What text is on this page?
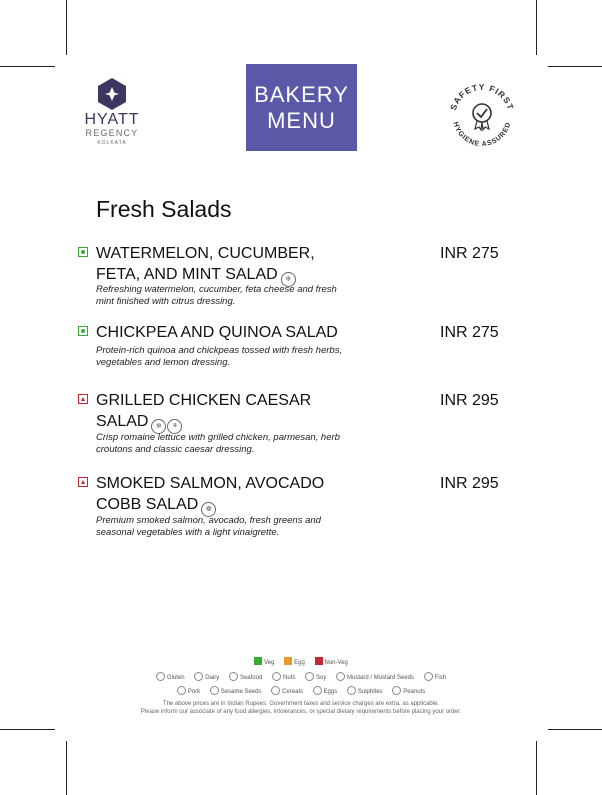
HYATT
REGENCY
KOLKATA
BAKERY
MENU
SAFETY FIRST
HYGIENE ASSURED
Fresh Salads
WATERMELON, CUCUMBER, FETA, AND MINT SALAD ❄
INR 275
Refreshing watermelon, cucumber, feta cheese and fresh mint finished with citrus dressing.
CHICKPEA AND QUINOA SALAD	INR 275
Protein-rich quinoa and chickpeas tossed with fresh herbs, vegetables and lemon dressing.
GRILLED CHICKEN CAESAR SALAD ❄ ⚘
INR 295
Crisp romaine lettuce with grilled chicken, parmesan, herb croutons and classic caesar dressing.
SMOKED SALMON, AVOCADO COBB SALAD ❁
INR 295
Premium smoked salmon, avocado, fresh greens and seasonal vegetables with a light vinaigrette.
Veg	Egg	Non-Veg
Gluten	Dairy	Seafood	Nuts	Soy	Mustard / Mustard Seeds	Fish
Pork	Sesame Seeds	Cereals	Eggs	Sulphites	Peanuts
The above prices are in Indian Rupees. Government taxes and service charges are extra, as applicable.
Please inform our associate of any food allergies, intolerances, or special dietary requirements before placing your order.
